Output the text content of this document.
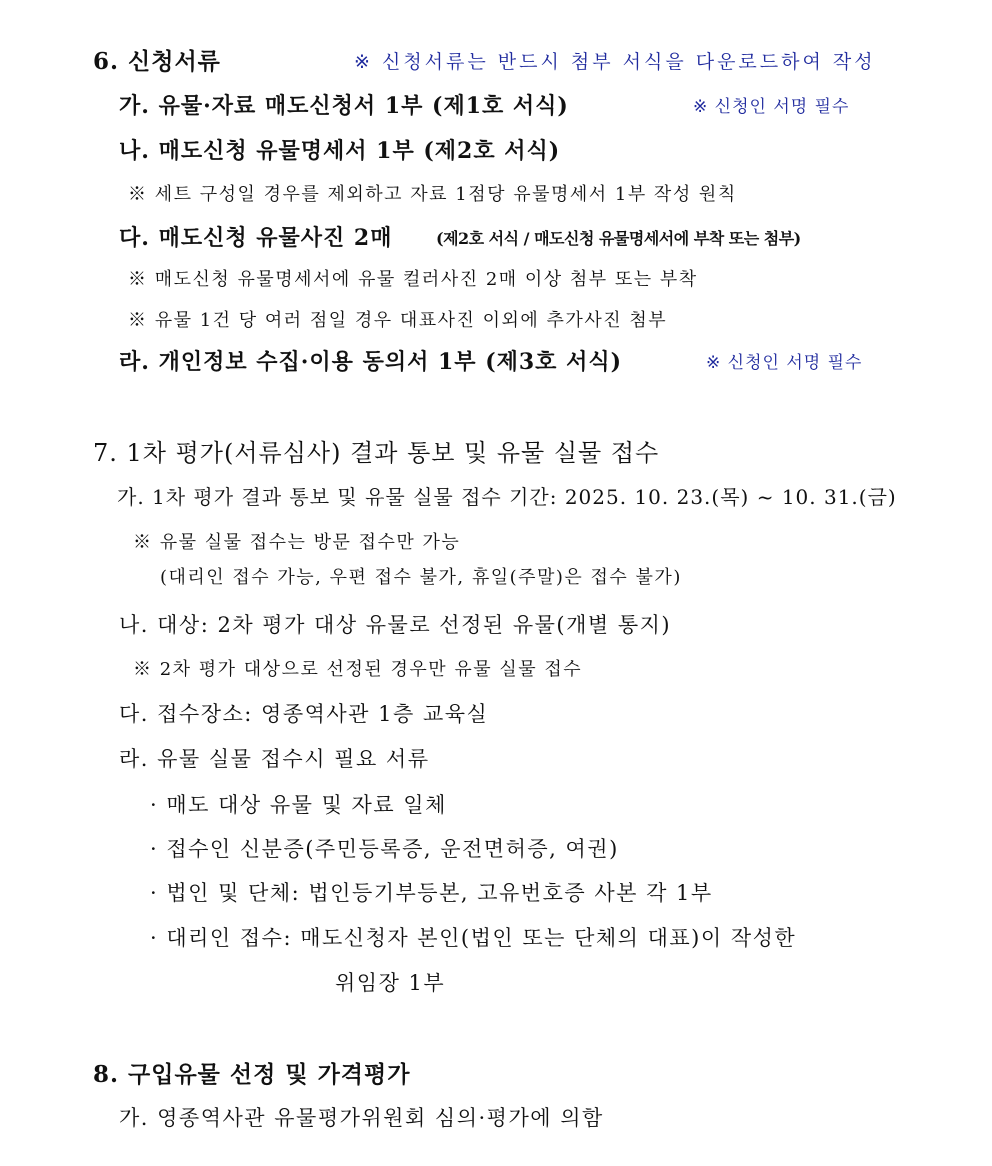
6. 신청서류	※ 신청서류는 반드시 첨부 서식을 다운로드하여 작성
가. 유물·자료 매도신청서 1부 (제1호 서식)	※ 신청인 서명 필수
나. 매도신청 유물명세서 1부 (제2호 서식)
※ 세트 구성일 경우를 제외하고 자료 1점당 유물명세서 1부 작성 원칙
다. 매도신청 유물사진 2매	(제2호 서식 / 매도신청 유물명세서에 부착 또는 첨부)
※ 매도신청 유물명세서에 유물 컬러사진 2매 이상 첨부 또는 부착
※ 유물 1건 당 여러 점일 경우 대표사진 이외에 추가사진 첨부
라. 개인정보 수집·이용 동의서 1부 (제3호 서식)	※ 신청인 서명 필수
7. 1차 평가(서류심사) 결과 통보 및 유물 실물 접수
가. 1차 평가 결과 통보 및 유물 실물 접수 기간: 2025. 10. 23.(목) ~ 10. 31.(금)
※ 유물 실물 접수는 방문 접수만 가능
(대리인 접수 가능, 우편 접수 불가, 휴일(주말)은 접수 불가)
나. 대상: 2차 평가 대상 유물로 선정된 유물(개별 통지)
※ 2차 평가 대상으로 선정된 경우만 유물 실물 접수
다. 접수장소: 영종역사관 1층 교육실
라. 유물 실물 접수시 필요 서류
· 매도 대상 유물 및 자료 일체
· 접수인 신분증(주민등록증, 운전면허증, 여권)
· 법인 및 단체: 법인등기부등본, 고유번호증 사본 각 1부
· 대리인 접수: 매도신청자 본인(법인 또는 단체의 대표)이 작성한
위임장 1부
8. 구입유물 선정 및 가격평가
가. 영종역사관 유물평가위원회 심의·평가에 의함
